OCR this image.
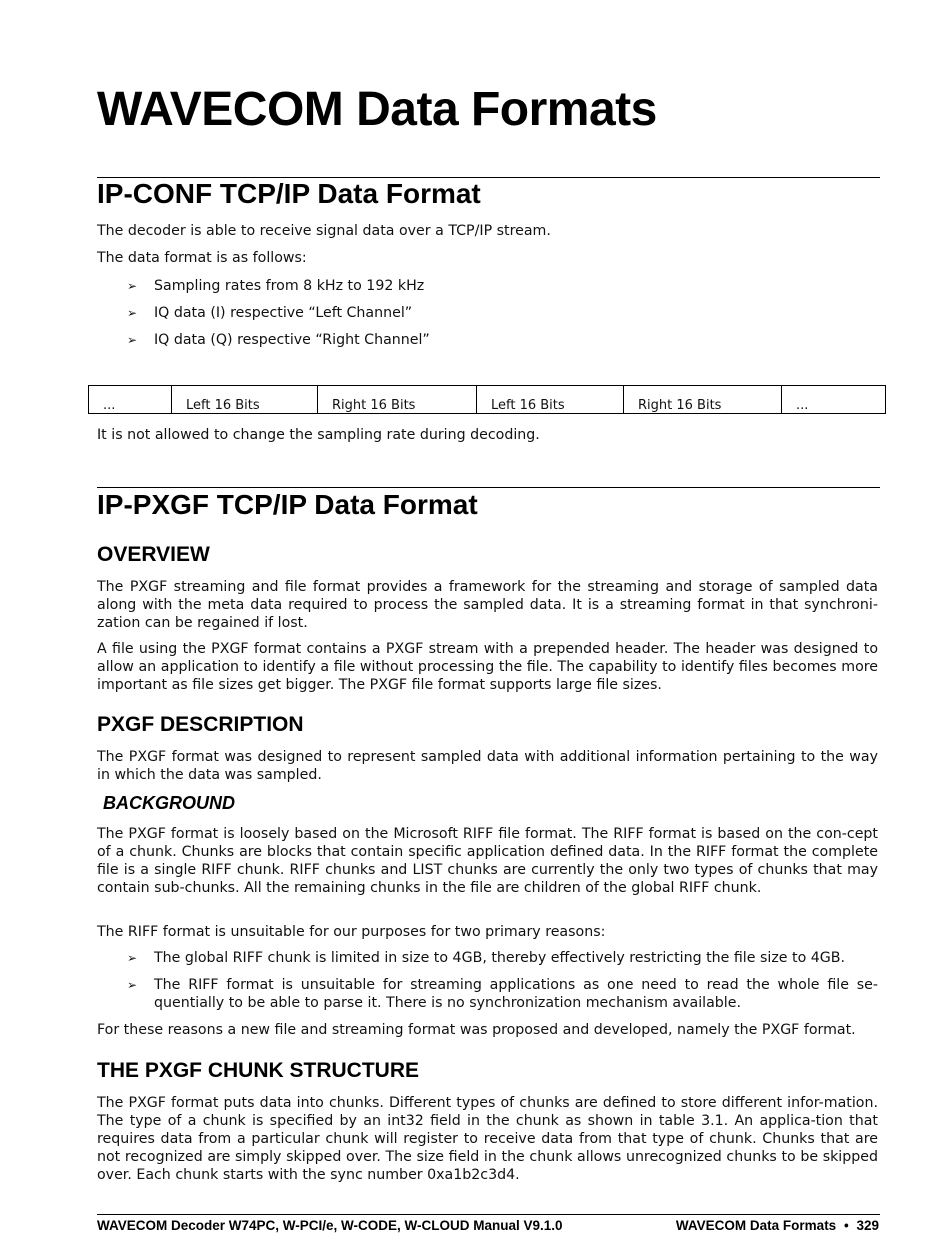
WAVECOM Data Formats
IP-CONF TCP/IP Data Format

The decoder is able to receive signal data over a TCP/IP stream.

The data format is as follows:

➢ Sampling rates from 8 kHz to 192 kHz
➢ IQ data (I) respective “Left Channel”
➢ IQ data (Q) respective “Right Channel”
...	Left 16 Bits	Right 16 Bits	Left 16 Bits	Right 16 Bits	...

It is not allowed to change the sampling rate during decoding.

IP-PXGF TCP/IP Data Format
OVERVIEW

The PXGF streaming and file format provides a framework for the streaming and storage of sampled data along with the meta data required to process the sampled data. It is a streaming format in that synchroni-zation can be regained if lost.

A file using the PXGF format contains a PXGF stream with a prepended header. The header was designed to allow an application to identify a file without processing the file. The capability to identify files becomes more important as file sizes get bigger. The PXGF file format supports large file sizes.

PXGF DESCRIPTION

The PXGF format was designed to represent sampled data with additional information pertaining to the way in which the data was sampled.

BACKGROUND

The PXGF format is loosely based on the Microsoft RIFF file format. The RIFF format is based on the con-cept of a chunk. Chunks are blocks that contain specific application defined data. In the RIFF format the complete file is a single RIFF chunk. RIFF chunks and LIST chunks are currently the only two types of chunks that may contain sub-chunks. All the remaining chunks in the file are children of the global RIFF chunk.

The RIFF format is unsuitable for our purposes for two primary reasons:

➢ The global RIFF chunk is limited in size to 4GB, thereby effectively restricting the file size to 4GB.
➢ The RIFF format is unsuitable for streaming applications as one need to read the whole file se-quentially to be able to parse it. There is no synchronization mechanism available.

For these reasons a new file and streaming format was proposed and developed, namely the PXGF format.

THE PXGF CHUNK STRUCTURE

The PXGF format puts data into chunks. Different types of chunks are defined to store different infor-mation. The type of a chunk is specified by an int32 field in the chunk as shown in table 3.1. An applica-tion that requires data from a particular chunk will register to receive data from that type of chunk. Chunks that are not recognized are simply skipped over. The size field in the chunk allows unrecognized chunks to be skipped over. Each chunk starts with the sync number 0xa1b2c3d4.

WAVECOM Decoder W74PC, W-PCI/e, W-CODE, W-CLOUD Manual V9.1.0	WAVECOM Data Formats • 329
